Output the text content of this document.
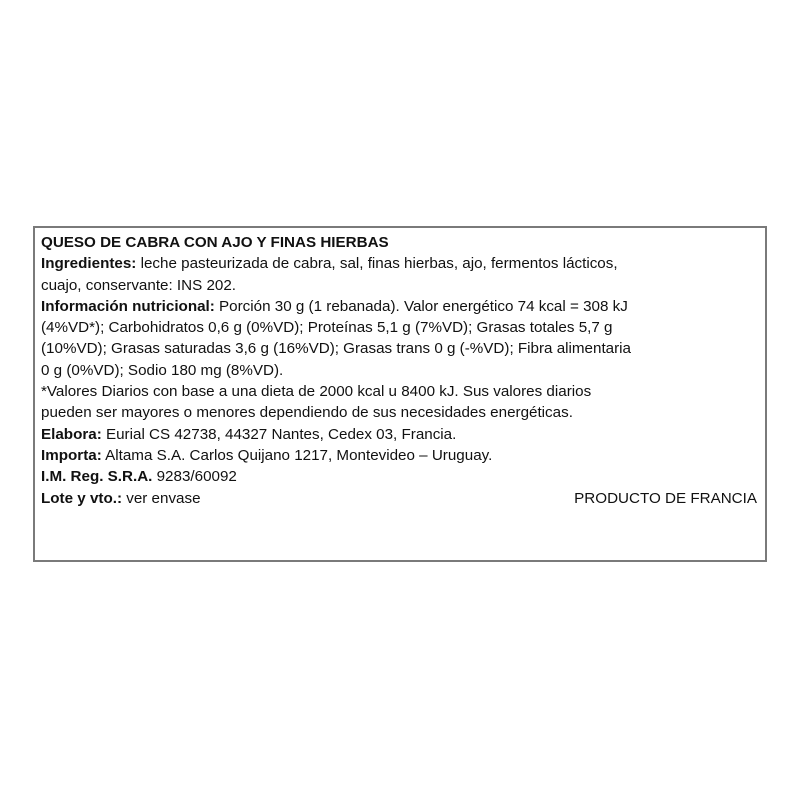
QUESO DE CABRA CON AJO Y FINAS HIERBAS
Ingredientes: leche pasteurizada de cabra, sal, finas hierbas, ajo, fermentos lácticos,
cuajo, conservante: INS 202.
Información nutricional: Porción 30 g (1 rebanada). Valor energético 74 kcal = 308 kJ
(4%VD*); Carbohidratos 0,6 g (0%VD); Proteínas 5,1 g (7%VD); Grasas totales 5,7 g
(10%VD); Grasas saturadas 3,6 g (16%VD); Grasas trans 0 g (-%VD); Fibra alimentaria
0 g (0%VD); Sodio 180 mg (8%VD).
*Valores Diarios con base a una dieta de 2000 kcal u 8400 kJ. Sus valores diarios
pueden ser mayores o menores dependiendo de sus necesidades energéticas.
Elabora: Eurial CS 42738, 44327 Nantes, Cedex 03, Francia.
Importa: Altama S.A. Carlos Quijano 1217, Montevideo – Uruguay.
I.M. Reg. S.R.A. 9283/60092
Lote y vto.: ver envase	PRODUCTO DE FRANCIA
